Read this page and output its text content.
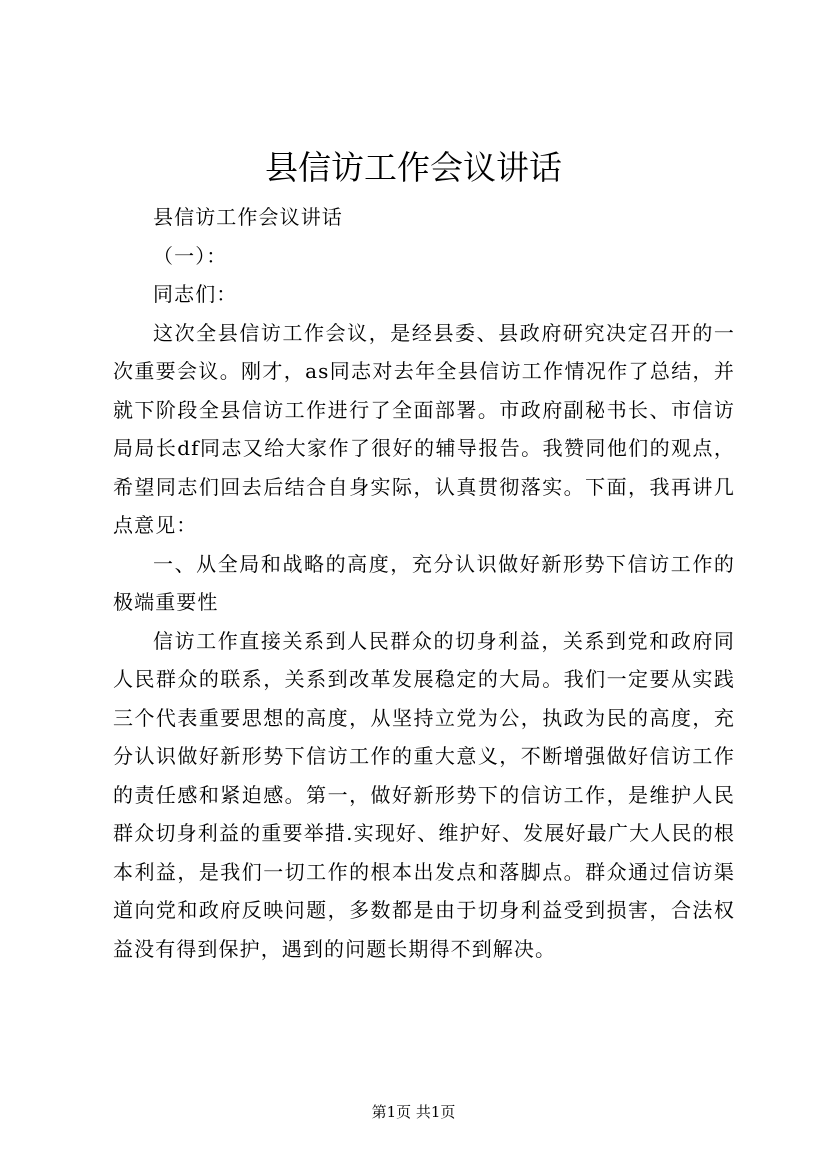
县信访工作会议讲话

县信访工作会议讲话

（一）：

同志们：

这次全县信访工作会议，是经县委、县政府研究决定召开的一次重要会议。刚才，as同志对去年全县信访工作情况作了总结，并就下阶段全县信访工作进行了全面部署。市政府副秘书长、市信访局局长df同志又给大家作了很好的辅导报告。我赞同他们的观点，希望同志们回去后结合自身实际，认真贯彻落实。下面，我再讲几点意见：

一、从全局和战略的高度，充分认识做好新形势下信访工作的极端重要性

信访工作直接关系到人民群众的切身利益，关系到党和政府同人民群众的联系，关系到改革发展稳定的大局。我们一定要从实践三个代表重要思想的高度，从坚持立党为公，执政为民的高度，充分认识做好新形势下信访工作的重大意义，不断增强做好信访工作的责任感和紧迫感。第一，做好新形势下的信访工作，是维护人民群众切身利益的重要举措.实现好、维护好、发展好最广大人民的根本利益，是我们一切工作的根本出发点和落脚点。群众通过信访渠道向党和政府反映问题，多数都是由于切身利益受到损害，合法权益没有得到保护，遇到的问题长期得不到解决。

第1页 共1页
